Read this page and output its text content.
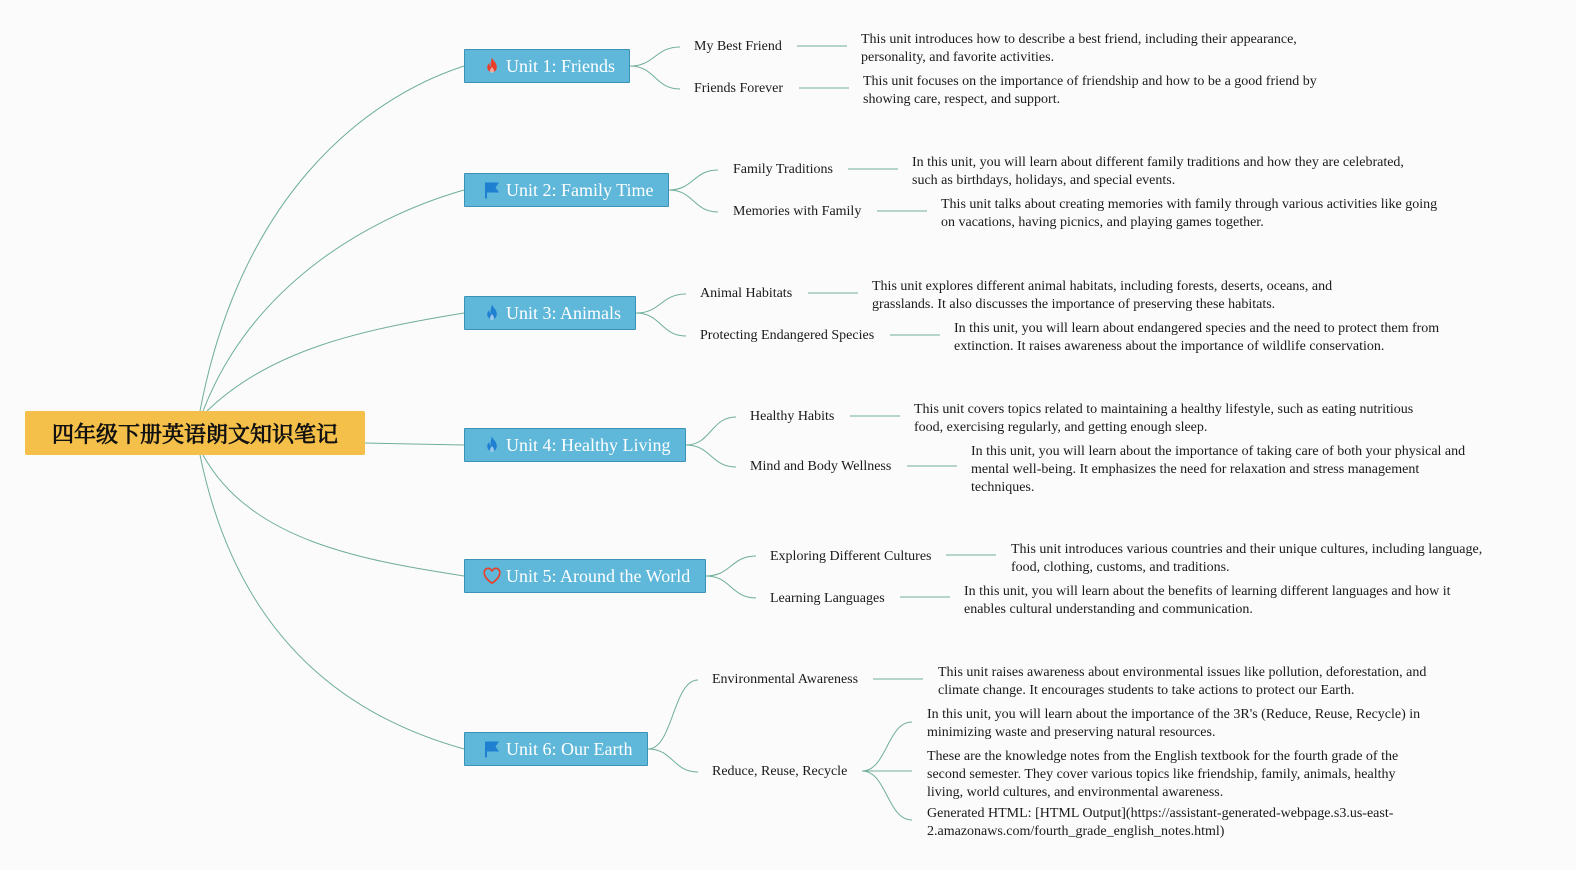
四年级下册英语朗文知识笔记
Unit 1: Friends
My Best Friend
Friends Forever
This unit introduces how to describe a best friend, including their appearance, personality, and favorite activities.
This unit focuses on the importance of friendship and how to be a good friend by showing care, respect, and support.
Unit 2: Family Time
Family Traditions
Memories with Family
In this unit, you will learn about different family traditions and how they are celebrated, such as birthdays, holidays, and special events.
This unit talks about creating memories with family through various activities like going on vacations, having picnics, and playing games together.
Unit 3: Animals
Animal Habitats
Protecting Endangered Species
This unit explores different animal habitats, including forests, deserts, oceans, and grasslands. It also discusses the importance of preserving these habitats.
In this unit, you will learn about endangered species and the need to protect them from extinction. It raises awareness about the importance of wildlife conservation.
Unit 4: Healthy Living
Healthy Habits
Mind and Body Wellness
This unit covers topics related to maintaining a healthy lifestyle, such as eating nutritious food, exercising regularly, and getting enough sleep.
In this unit, you will learn about the importance of taking care of both your physical and mental well-being. It emphasizes the need for relaxation and stress management techniques.
Unit 5: Around the World
Exploring Different Cultures
Learning Languages
This unit introduces various countries and their unique cultures, including language, food, clothing, customs, and traditions.
In this unit, you will learn about the benefits of learning different languages and how it enables cultural understanding and communication.
Unit 6: Our Earth
Environmental Awareness
Reduce, Reuse, Recycle
This unit raises awareness about environmental issues like pollution, deforestation, and climate change. It encourages students to take actions to protect our Earth.
In this unit, you will learn about the importance of the 3R's (Reduce, Reuse, Recycle) in minimizing waste and preserving natural resources.
These are the knowledge notes from the English textbook for the fourth grade of the second semester. They cover various topics like friendship, family, animals, healthy living, world cultures, and environmental awareness.
Generated HTML: [HTML Output](https://assistant-generated-webpage.s3.us-east-2.amazonaws.com/fourth_grade_english_notes.html)
